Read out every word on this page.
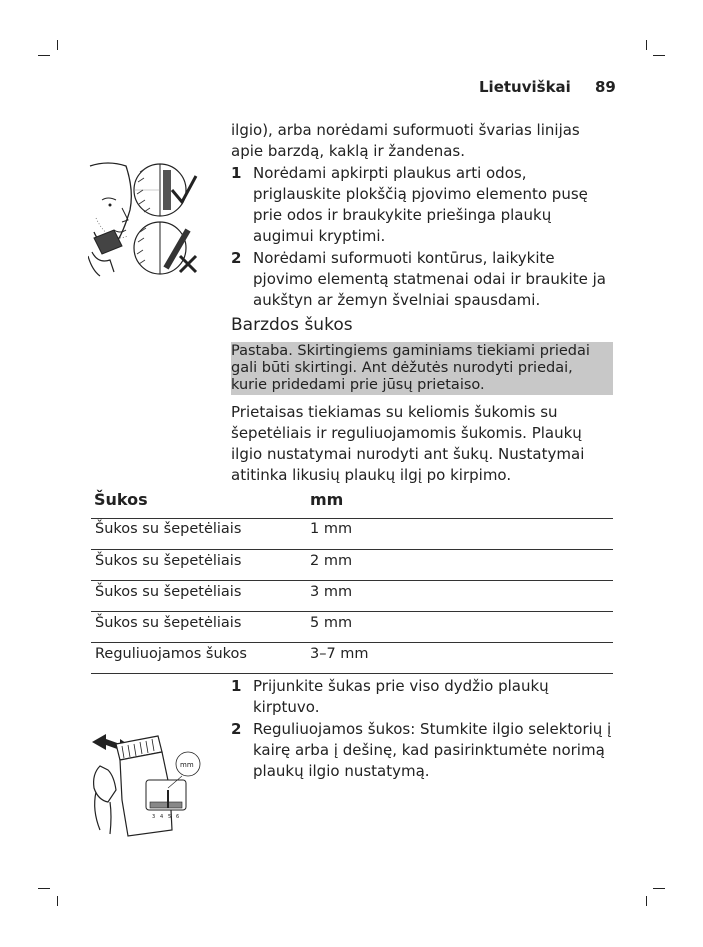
Lietuviškai 89
ilgio), arba norėdami suformuoti švarias linijas apie barzdą, kaklą ir žandenas.
1 Norėdami apkirpti plaukus arti odos, priglauskite plokščią pjovimo elemento pusę prie odos ir braukykite priešinga plaukų augimui kryptimi.
2 Norėdami suformuoti kontūrus, laikykite pjovimo elementą statmenai odai ir braukite ja aukštyn ar žemyn švelniai spausdami.
Barzdos šukos
Pastaba. Skirtingiems gaminiams tiekiami priedai gali būti skirtingi. Ant dėžutės nurodyti priedai, kurie pridedami prie jūsų prietaiso.
Prietaisas tiekiamas su keliomis šukomis su šepetėliais ir reguliuojamomis šukomis. Plaukų ilgio nustatymai nurodyti ant šukų. Nustatymai atitinka likusių plaukų ilgį po kirpimo.
Šukos	mm
Šukos su šepetėliais	1 mm
Šukos su šepetėliais	2 mm
Šukos su šepetėliais	3 mm
Šukos su šepetėliais	5 mm
Reguliuojamos šukos	3–7 mm
1 Prijunkite šukas prie viso dydžio plaukų kirptuvo.
2 Reguliuojamos šukos: Stumkite ilgio selektorių į kairę arba į dešinę, kad pasirinktumėte norimą plaukų ilgio nustatymą.
3 4 5 6
mm
